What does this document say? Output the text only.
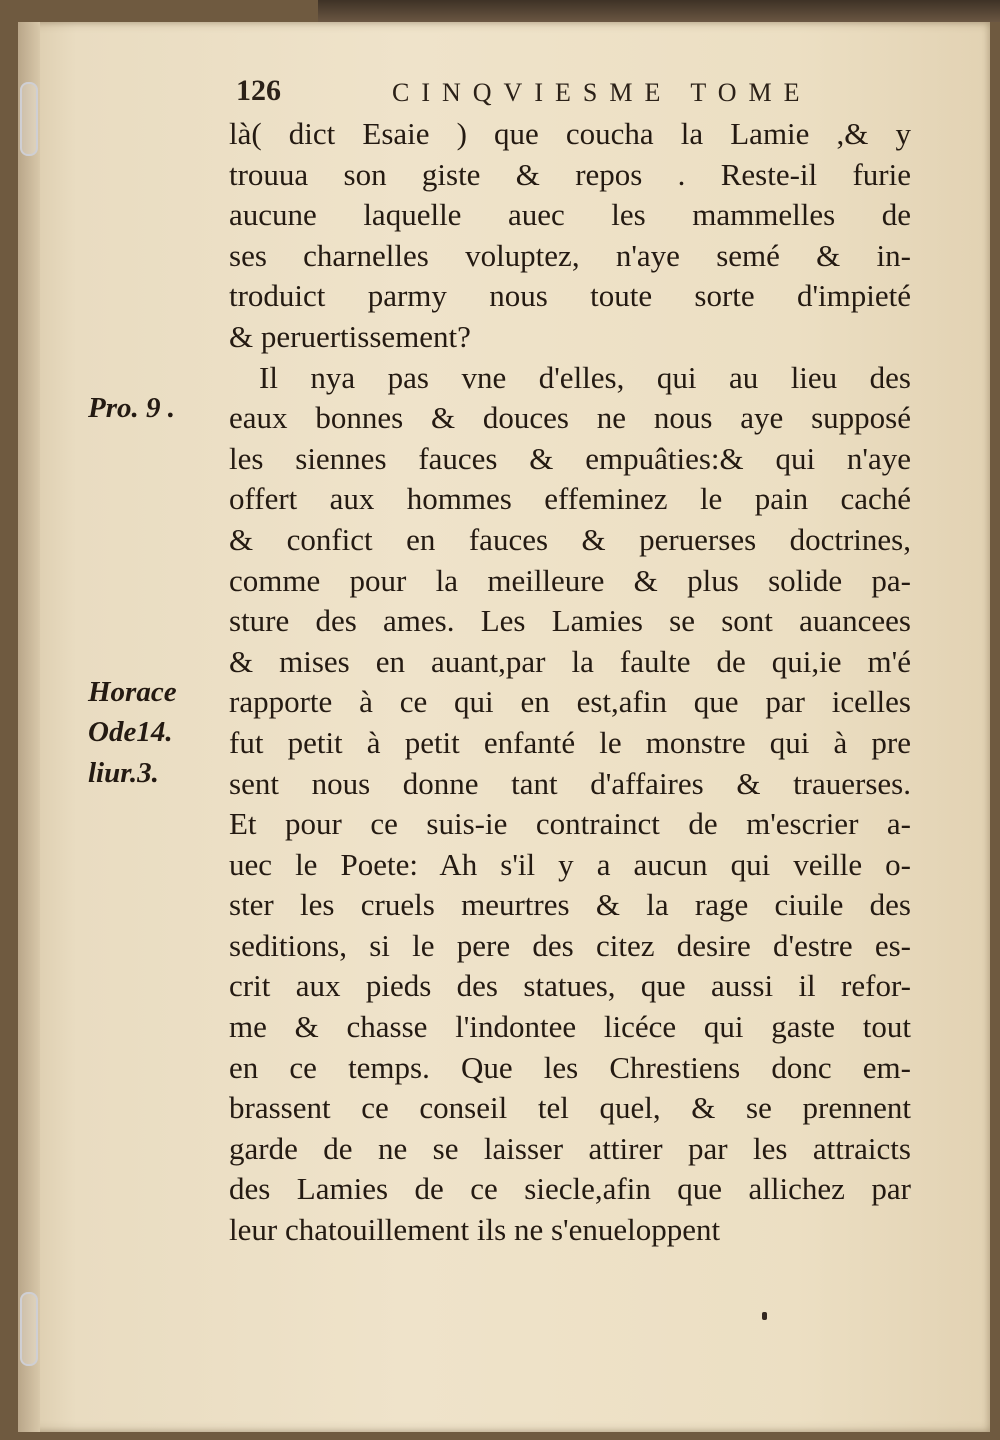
126	CINQVIESME TOME
là( dict Esaie ) que coucha la Lamie ,& y
trouua son giste & repos . Reste-il furie
aucune laquelle auec les mammelles de
ses charnelles voluptez, n'aye semé & in-
troduict parmy nous toute sorte d'impieté
& peruertissement?
Il nya pas vne d'elles, qui au lieu des
eaux bonnes & douces ne nous aye supposé
les siennes fauces & empuâties:& qui n'aye
offert aux hommes effeminez le pain caché
& confict en fauces & peruerses doctrines,
comme pour la meilleure & plus solide pa-
sture des ames. Les Lamies se sont auancees
& mises en auant,par la faulte de qui,ie m'é
rapporte à ce qui en est,afin que par icelles
fut petit à petit enfanté le monstre qui à pre
sent nous donne tant d'affaires & trauerses.
Et pour ce suis-ie contrainct de m'escrier a-
uec le Poete: Ah s'il y a aucun qui veille o-
ster les cruels meurtres & la rage ciuile des
seditions, si le pere des citez desire d'estre es-
crit aux pieds des statues, que aussi il refor-
me & chasse l'indontee licéce qui gaste tout
en ce temps. Que les Chrestiens donc em-
brassent ce conseil tel quel, & se prennent
garde de ne se laisser attirer par les attraicts
des Lamies de ce siecle,afin que allichez par
leur chatouillement ils ne s'enueloppent
Pro. 9 .
Horace
Ode14.
liur.3.
